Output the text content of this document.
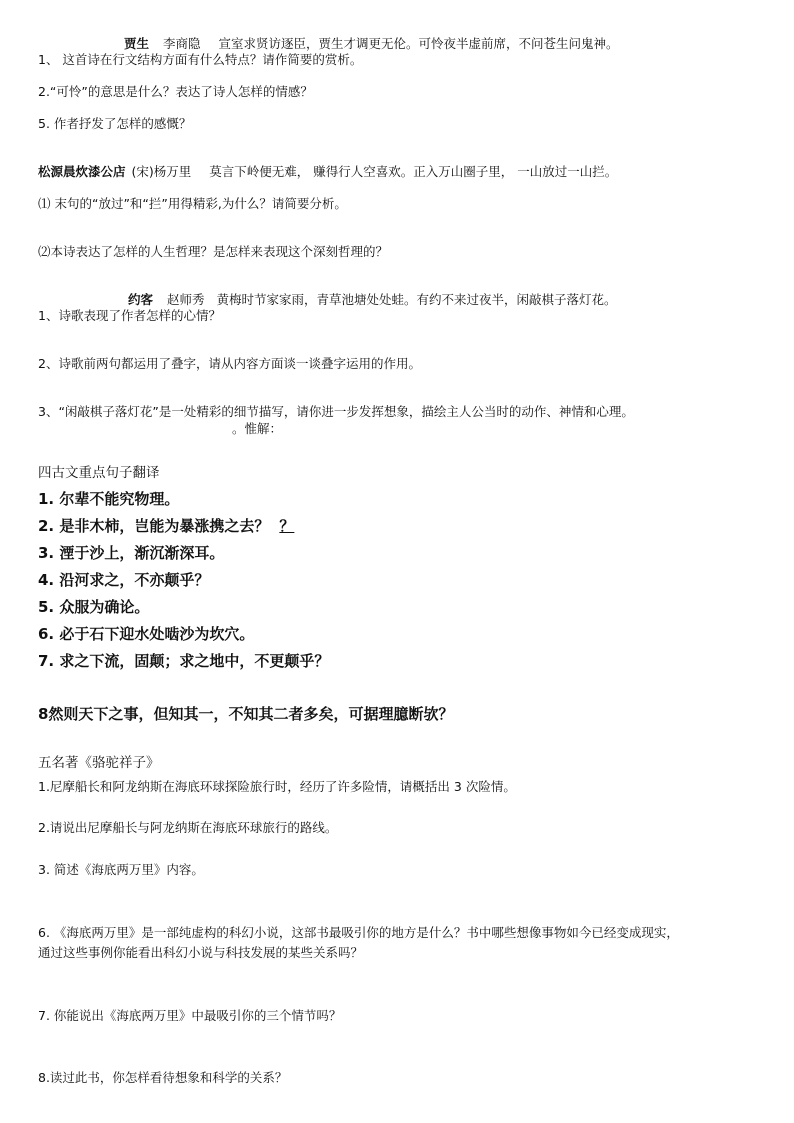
贾生 李商隐 宣室求贤访逐臣，贾生才调更无伦。可怜夜半虚前席，不问苍生问鬼神。
1、 这首诗在行文结构方面有什么特点？请作简要的赏析。
2.“可怜”的意思是什么？表达了诗人怎样的情感？
5. 作者抒发了怎样的感慨？
松源晨炊漆公店 (宋)杨万里 莫言下岭便无难， 赚得行人空喜欢。正入万山圈子里， 一山放过一山拦。
⑴ 末句的“放过”和“拦”用得精彩,为什么？请简要分析。
⑵本诗表达了怎样的人生哲理？是怎样来表现这个深刻哲理的？
约客 赵师秀 黄梅时节家家雨，青草池塘处处蛙。有约不来过夜半，闲敲棋子落灯花。
1、诗歌表现了作者怎样的心情？
2、诗歌前两句都运用了叠字，请从内容方面谈一谈叠字运用的作用。
3、“闲敲棋子落灯花”是一处精彩的细节描写，请你进一步发挥想象，描绘主人公当时的动作、神情和心理。
。惟解：
四古文重点句子翻译
1. 尔辈不能究物理。
2. 是非木柿，岂能为暴涨携之去？ ？
3. 湮于沙上，渐沉渐深耳。
4. 沿河求之，不亦颠乎？
5. 众服为确论。
6. 必于石下迎水处啮沙为坎穴。
7. 求之下流，固颠；求之地中，不更颠乎？
8然则天下之事，但知其一，不知其二者多矣，可据理臆断欤？
五名著《骆驼祥子》
1.尼摩船长和阿龙纳斯在海底环球探险旅行时，经历了许多险情，请概括出 3 次险情。
2.请说出尼摩船长与阿龙纳斯在海底环球旅行的路线。
3. 简述《海底两万里》内容。
6. 《海底两万里》是一部纯虚构的科幻小说，这部书最吸引你的地方是什么？书中哪些想像事物如今已经变成现实，
通过这些事例你能看出科幻小说与科技发展的某些关系吗？
7. 你能说出《海底两万里》中最吸引你的三个情节吗？
8.读过此书，你怎样看待想象和科学的关系？
